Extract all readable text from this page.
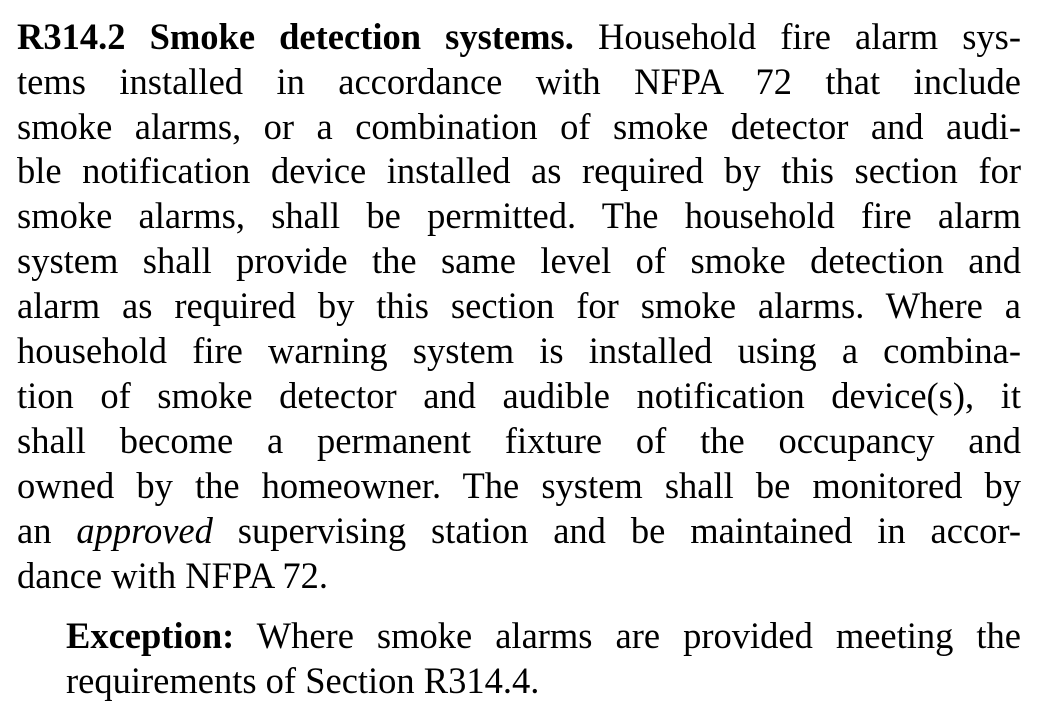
R314.2 Smoke detection systems. Household fire alarm sys-
tems installed in accordance with NFPA 72 that include
smoke alarms, or a combination of smoke detector and audi-
ble notification device installed as required by this section for
smoke alarms, shall be permitted. The household fire alarm
system shall provide the same level of smoke detection and
alarm as required by this section for smoke alarms. Where a
household fire warning system is installed using a combina-
tion of smoke detector and audible notification device(s), it
shall become a permanent fixture of the occupancy and
owned by the homeowner. The system shall be monitored by
an approved supervising station and be maintained in accor-
dance with NFPA 72.
Exception: Where smoke alarms are provided meeting the
requirements of Section R314.4.
